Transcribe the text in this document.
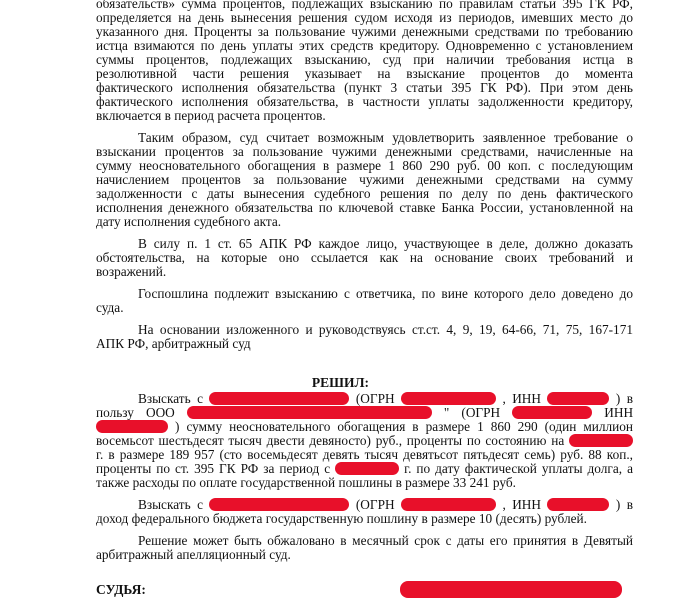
обязательств» сумма процентов, подлежащих взысканию по правилам статьи 395 ГК РФ,
определяется на день вынесения решения судом исходя из периодов, имевших место до
указанного дня. Проценты за пользование чужими денежными средствами по требованию
истца взимаются по день уплаты этих средств кредитору. Одновременно с установлением
суммы процентов, подлежащих взысканию, суд при наличии требования истца в
резолютивной части решения указывает на взыскание процентов до момента
фактического исполнения обязательства (пункт 3 статьи 395 ГК РФ). При этом день
фактического исполнения обязательства, в частности уплаты задолженности кредитору,
включается в период расчета процентов.
Таким образом, суд считает возможным удовлетворить заявленное требование о
взыскании процентов за пользование чужими денежными средствами, начисленные на
сумму неосновательного обогащения в размере 1 860 290 руб. 00 коп. с последующим
начислением процентов за пользование чужими денежными средствами на сумму
задолженности с даты вынесения судебного решения по делу по день фактического
исполнения денежного обязательства по ключевой ставке Банка России, установленной на
дату исполнения судебного акта.
В силу п. 1 ст. 65 АПК РФ каждое лицо, участвующее в деле, должно доказать
обстоятельства, на которые оно ссылается как на основание своих требований и
возражений.
Госпошлина подлежит взысканию с ответчика, по вине которого дело доведено до
суда.
На основании изложенного и руководствуясь ст.ст. 4, 9, 19, 64-66, 71, 75, 167-171
АПК РФ, арбитражный суд
РЕШИЛ:
Взыскать с	(ОГРН	, ИНН	) в
пользу ООО	" (ОГРН	ИНН
) сумму неосновательного обогащения в размере 1 860 290 (один миллион
восемьсот шестьдесят тысяч двести девяносто) руб., проценты по состоянию на
г. в размере 189 957 (сто восемьдесят девять тысяч девятьсот пятьдесят семь) руб. 88 коп.,
проценты по ст. 395 ГК РФ за период с	г. по дату фактической уплаты долга, а
также расходы по оплате государственной пошлины в размере 33 241 руб.
Взыскать с	(ОГРН	, ИНН	) в
доход федерального бюджета государственную пошлину в размере 10 (десять) рублей.
Решение может быть обжаловано в месячный срок с даты его принятия в Девятый
арбитражный апелляционный суд.
СУДЬЯ:
